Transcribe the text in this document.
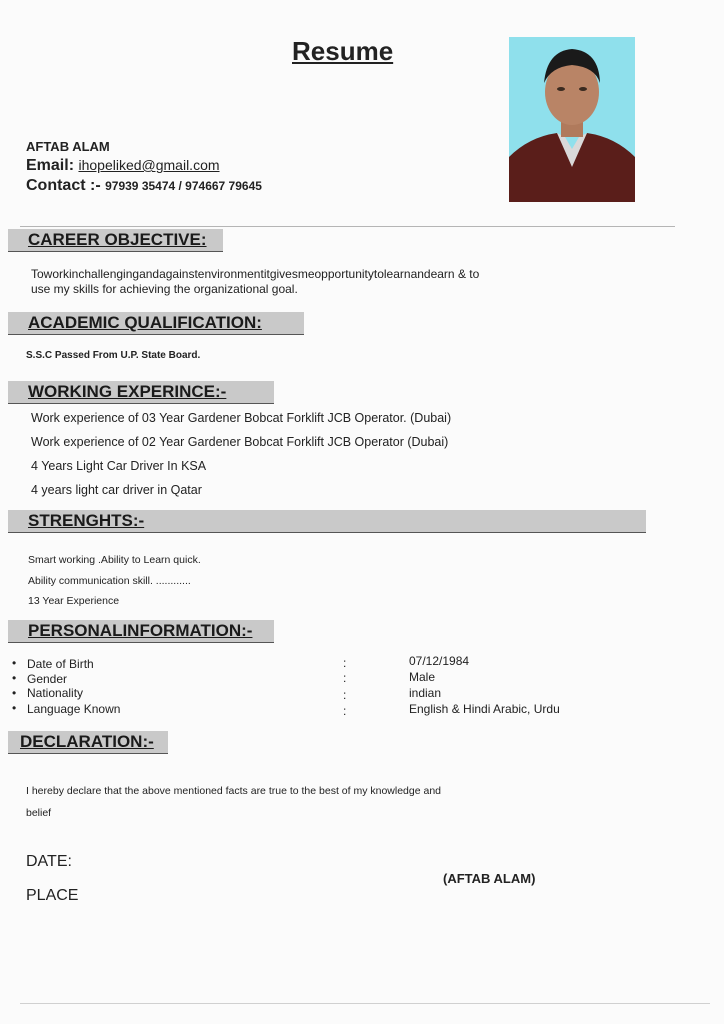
Resume
AFTAB ALAM
Email: ihopeliked@gmail.com
Contact :- 97939 35474 / 974667 79645
CAREER OBJECTIVE:
Toworkinchallengingandagainstenvironmentitgivesmeopportunitytolearnandearn & to
use my skills for achieving the organizational goal.
ACADEMIC QUALIFICATION:
S.S.C Passed From U.P. State Board.
WORKING EXPERINCE:-
Work experience of 03 Year Gardener Bobcat Forklift JCB Operator. (Dubai)
Work experience of 02 Year Gardener Bobcat Forklift JCB Operator (Dubai)
4 Years Light Car Driver In KSA
4 years light car driver in Qatar
STRENGHTS:-
Smart working .Ability to Learn quick.
Ability communication skill. ............
13 Year Experience
PERSONALINFORMATION:-
• Date of Birth	:	07/12/1984
• Gender	:	Male
• Nationality	:	indian
• Language Known	:	English & Hindi Arabic, Urdu
DECLARATION:-
I hereby declare that the above mentioned facts are true to the best of my knowledge and
belief
DATE:
PLACE
(AFTAB ALAM)
